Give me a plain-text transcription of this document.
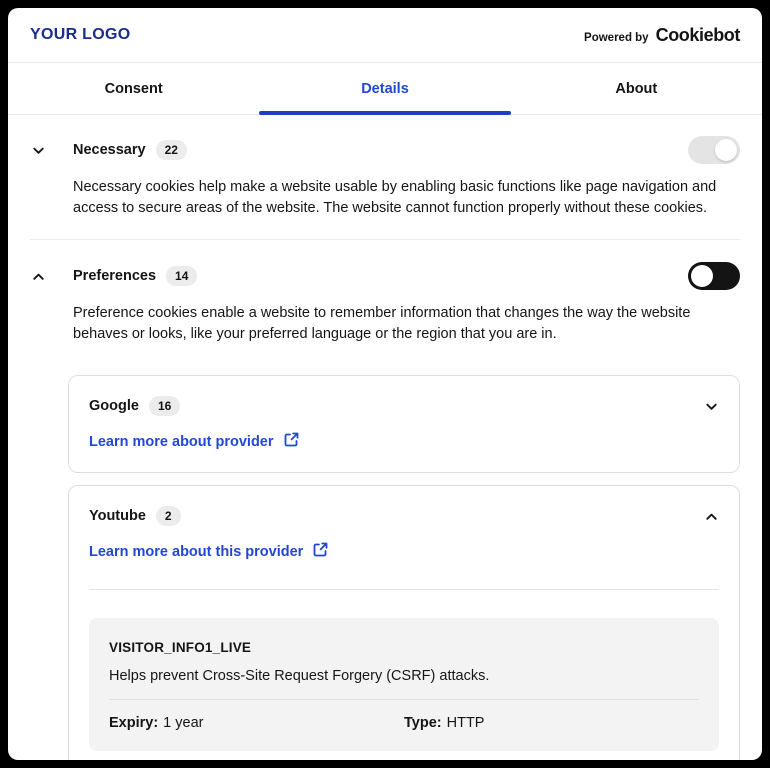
YOUR LOGO	Powered by Cookiebot
Consent	Details	About
Necessary	22

Necessary cookies help make a website usable by enabling basic functions like page navigation and access to secure areas of the website. The website cannot function properly without these cookies.

Preferences	14

Preference cookies enable a website to remember information that changes the way the website behaves or looks, like your preferred language or the region that you are in.

Google	16
Learn more about provider
Youtube	2
Learn more about this provider
VISITOR_INFO1_LIVE

Helps prevent Cross-Site Request Forgery (CSRF) attacks.

Expiry: 1 year	Type: HTTP
